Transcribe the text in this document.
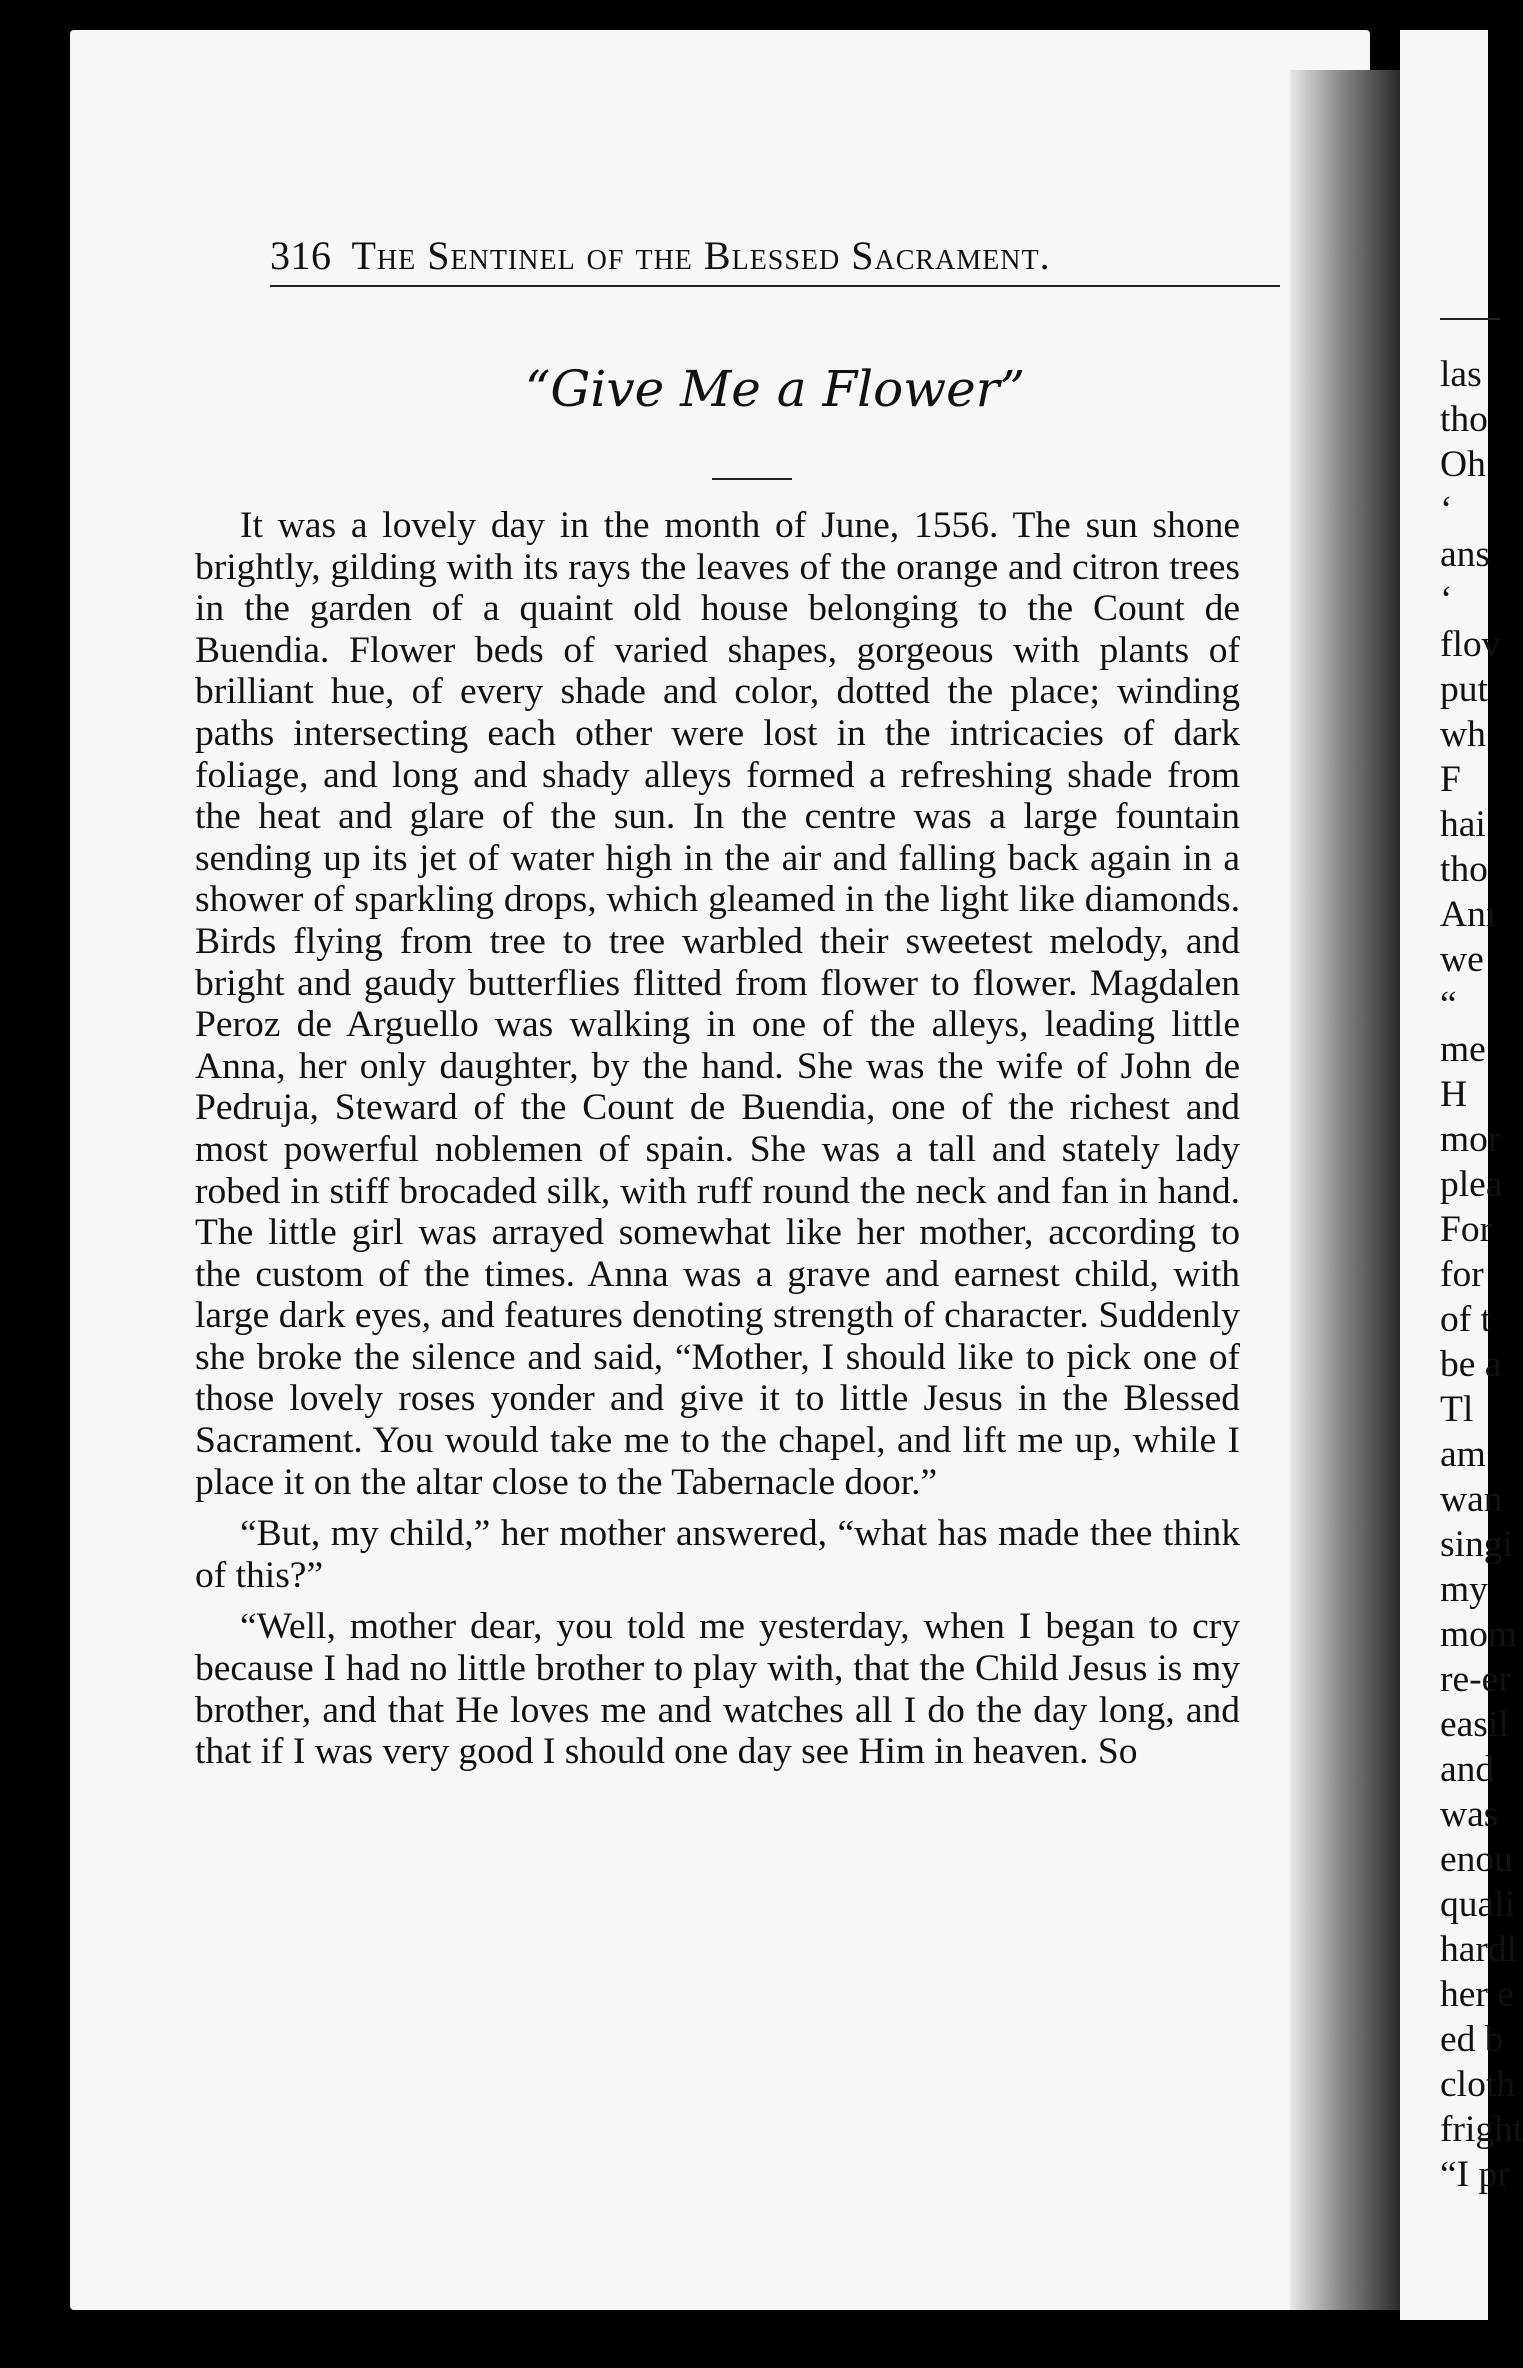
316 The Sentinel of the Blessed Sacrament.
“Give Me a Flower”

It was a lovely day in the month of June, 1556. The sun shone brightly, gilding with its rays the leaves of the orange and citron trees in the garden of a quaint old house belonging to the Count de Buendia. Flower beds of varied shapes, gorgeous with plants of brilliant hue, of every shade and color, dotted the place; winding paths intersecting each other were lost in the intricacies of dark foliage, and long and shady alleys formed a refreshing shade from the heat and glare of the sun. In the centre was a large fountain sending up its jet of water high in the air and falling back again in a shower of sparkling drops, which gleamed in the light like diamonds. Birds flying from tree to tree warbled their sweetest melody, and bright and gaudy butterflies flitted from flower to flower. Magdalen Peroz de Arguello was walking in one of the alleys, leading little Anna, her only daughter, by the hand. She was the wife of John de Pedruja, Steward of the Count de Buendia, one of the richest and most powerful noblemen of spain. She was a tall and stately lady robed in stiff brocaded silk, with ruff round the neck and fan in hand. The little girl was arrayed somewhat like her mother, according to the custom of the times. Anna was a grave and earnest child, with large dark eyes, and features denoting strength of character. Suddenly she broke the silence and said, “Mother, I should like to pick one of those lovely roses yonder and give it to little Jesus in the Blessed Sacrament. You would take me to the chapel, and lift me up, while I place it on the altar close to the Tabernacle door.”

“But, my child,” her mother answered, “what has made thee think of this?”

“Well, mother dear, you told me yesterday, when I began to cry because I had no little brother to play with, that the Child Jesus is my brother, and that He loves me and watches all I do the day long, and that if I was very good I should one day see Him in heaven. So

las
tho
Oh
‘
ans
‘
flov
put
wh
F
hai
tho
Anı
we
“
me
H
mor
plea
For
for
of t
be a
Tl
am
wan
singi
my
mom
re-er
easil
and
was
enou
quali
hardl
her e
ed b
cloth
fright
“I pr
